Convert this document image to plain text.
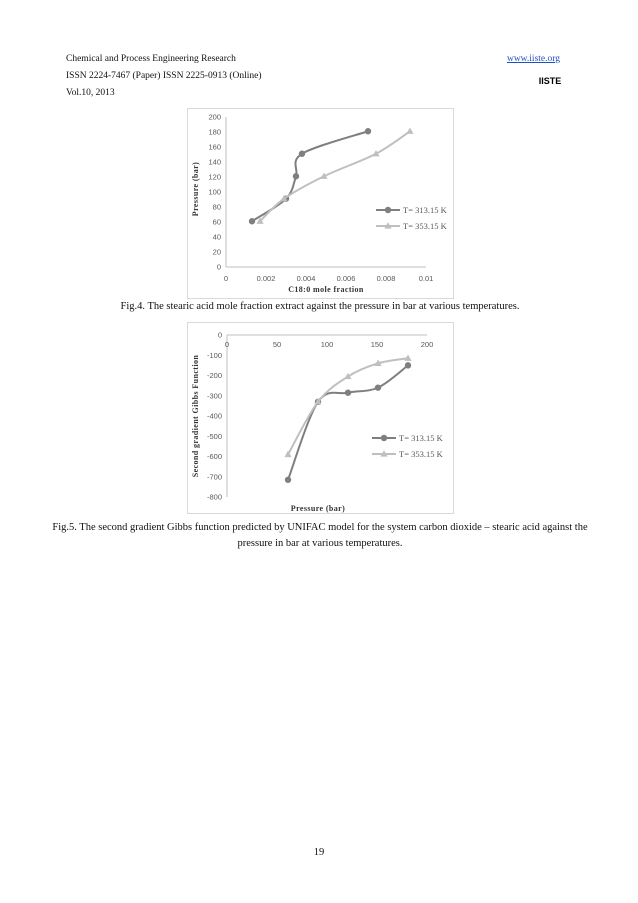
Chemical and Process Engineering Research
ISSN 2224-7467 (Paper) ISSN 2225-0913 (Online)
Vol.10, 2013
www.iiste.org
IISTE
0
20
40
60
80
100
120
140
160
180
200
0	0.002	0.004	0.006	0.008	0.01
C18:0 mole fraction
Pressure (bar)	T= 313.15 K
T= 353.15 K
Fig.4. The stearic acid mole fraction extract against the pressure in bar at various temperatures.
0
-100
-200
-300
-400
-500
-600
-700
-800
0	50	100	150	200
Pressure (bar)
Second gradient Gibbs Function	T= 313.15 K
T= 353.15 K
Fig.5. The second gradient Gibbs function predicted by UNIFAC model for the system carbon dioxide – stearic acid against the pressure in bar at various temperatures.
19
